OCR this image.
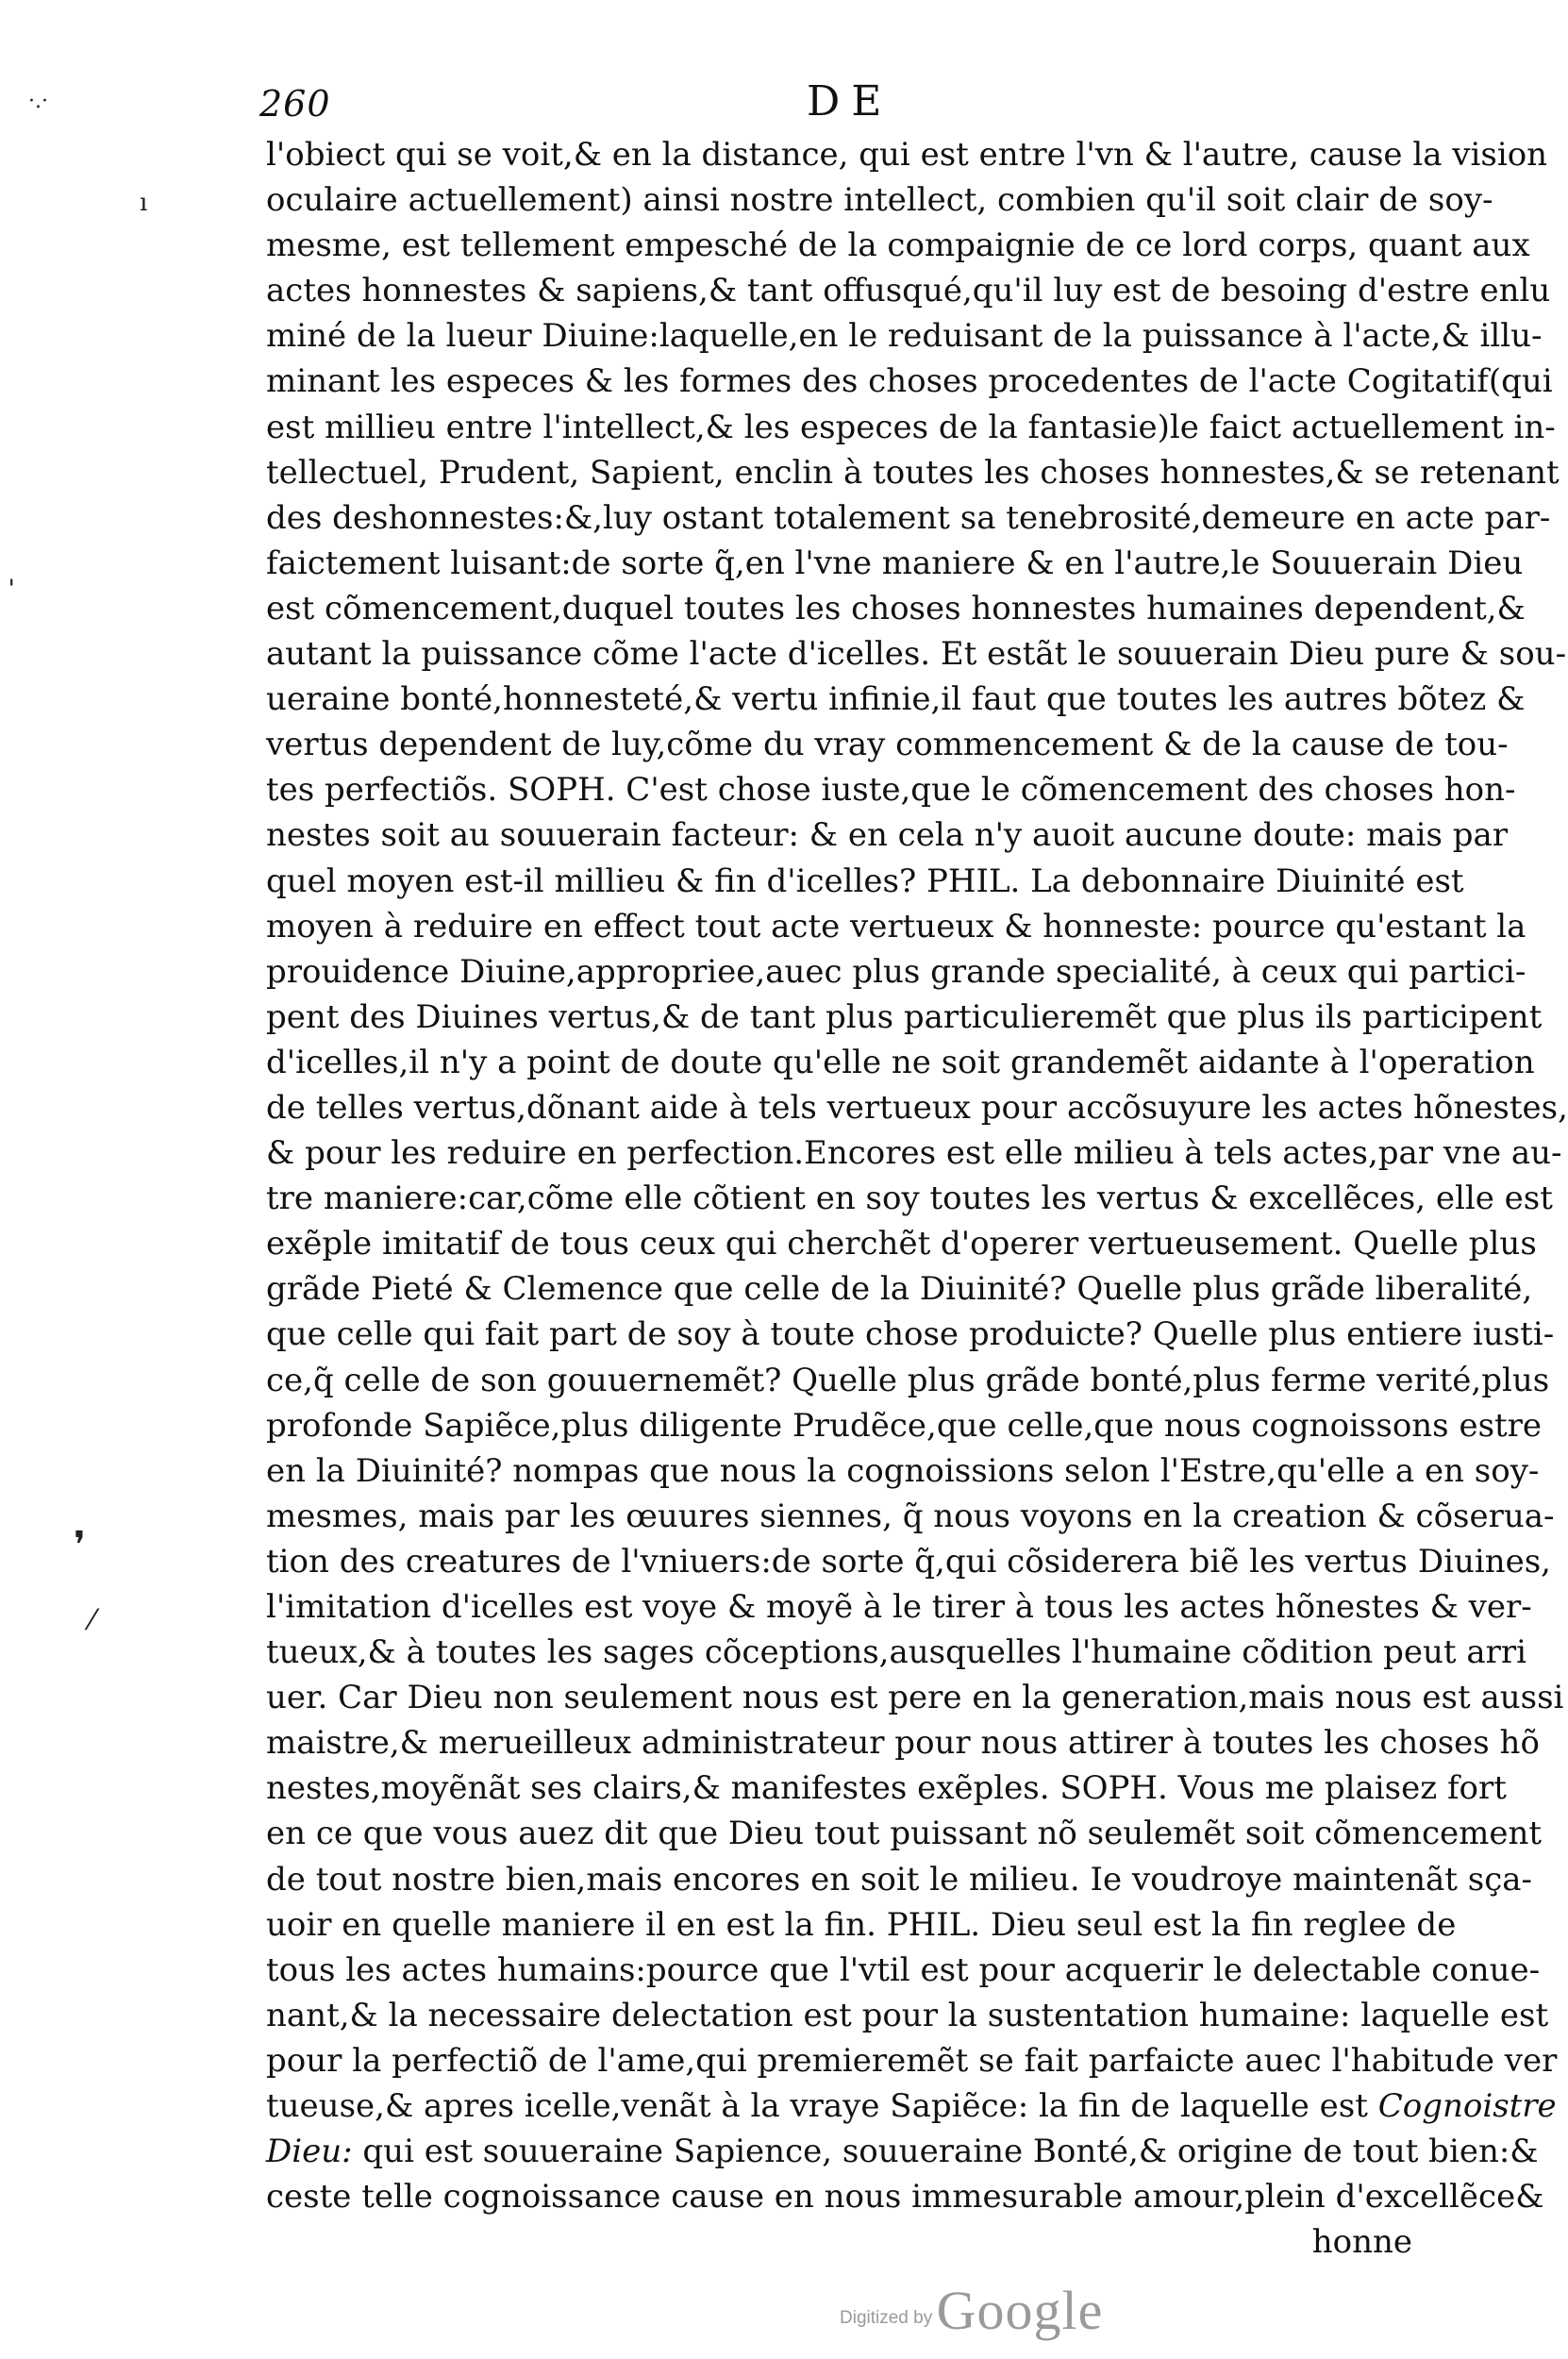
260	DE
·.·
ı
ˌ
❜
⁄
l'obiect qui se voit,& en la distance, qui est entre l'vn & l'autre, cause la vision
oculaire actuellement) ainsi nostre intellect, combien qu'il soit clair de soy-
mesme, est tellement empesché de la compaignie de ce lord corps, quant aux
actes honnestes & sapiens,& tant offusqué,qu'il luy est de besoing d'estre enlu
miné de la lueur Diuine:laquelle,en le reduisant de la puissance à l'acte,& illu-
minant les especes & les formes des choses procedentes de l'acte Cogitatif(qui
est millieu entre l'intellect,& les especes de la fantasie)le faict actuellement in-
tellectuel, Prudent, Sapient, enclin à toutes les choses honnestes,& se retenant
des deshonnestes:&,luy ostant totalement sa tenebrosité,demeure en acte par-
faictement luisant:de sorte q̃,en l'vne maniere & en l'autre,le Souuerain Dieu
est cõmencement,duquel toutes les choses honnestes humaines dependent,&
autant la puissance cõme l'acte d'icelles. Et estãt le souuerain Dieu pure & sou-
ueraine bonté,honnesteté,& vertu infinie,il faut que toutes les autres bõtez &
vertus dependent de luy,cõme du vray commencement & de la cause de tou-
tes perfectiõs. SOPH. C'est chose iuste,que le cõmencement des choses hon-
nestes soit au souuerain facteur: & en cela n'y auoit aucune doute: mais par
quel moyen est-il millieu & fin d'icelles? PHIL. La debonnaire Diuinité est
moyen à reduire en effect tout acte vertueux & honneste: pource qu'estant la
prouidence Diuine,appropriee,auec plus grande specialité, à ceux qui partici-
pent des Diuines vertus,& de tant plus particulieremẽt que plus ils participent
d'icelles,il n'y a point de doute qu'elle ne soit grandemẽt aidante à l'operation
de telles vertus,dõnant aide à tels vertueux pour accõsuyure les actes hõnestes,
& pour les reduire en perfection.Encores est elle milieu à tels actes,par vne au-
tre maniere:car,cõme elle cõtient en soy toutes les vertus & excellẽces, elle est
exẽple imitatif de tous ceux qui cherchẽt d'operer vertueusement. Quelle plus
grãde Pieté & Clemence que celle de la Diuinité? Quelle plus grãde liberalité,
que celle qui fait part de soy à toute chose produicte? Quelle plus entiere iusti-
ce,q̃ celle de son gouuernemẽt? Quelle plus grãde bonté,plus ferme verité,plus
profonde Sapiẽce,plus diligente Prudẽce,que celle,que nous cognoissons estre
en la Diuinité? nompas que nous la cognoissions selon l'Estre,qu'elle a en soy-
mesmes, mais par les œuures siennes, q̃ nous voyons en la creation & cõserua-
tion des creatures de l'vniuers:de sorte q̃,qui cõsiderera biẽ les vertus Diuines,
l'imitation d'icelles est voye & moyẽ à le tirer à tous les actes hõnestes & ver-
tueux,& à toutes les sages cõceptions,ausquelles l'humaine cõdition peut arri
uer. Car Dieu non seulement nous est pere en la generation,mais nous est aussi
maistre,& merueilleux administrateur pour nous attirer à toutes les choses hõ
nestes,moyẽnãt ses clairs,& manifestes exẽples. SOPH. Vous me plaisez fort
en ce que vous auez dit que Dieu tout puissant nõ seulemẽt soit cõmencement
de tout nostre bien,mais encores en soit le milieu. Ie voudroye maintenãt sça-
uoir en quelle maniere il en est la fin. PHIL. Dieu seul est la fin reglee de
tous les actes humains:pource que l'vtil est pour acquerir le delectable conue-
nant,& la necessaire delectation est pour la sustentation humaine: laquelle est
pour la perfectiõ de l'ame,qui premieremẽt se fait parfaicte auec l'habitude ver
tueuse,& apres icelle,venãt à la vraye Sapiẽce: la fin de laquelle est Cognoistre
Dieu: qui est souueraine Sapience, souueraine Bonté,& origine de tout bien:&
ceste telle cognoissance cause en nous immesurable amour,plein d'excellẽce&
honne
Digitized by Google
